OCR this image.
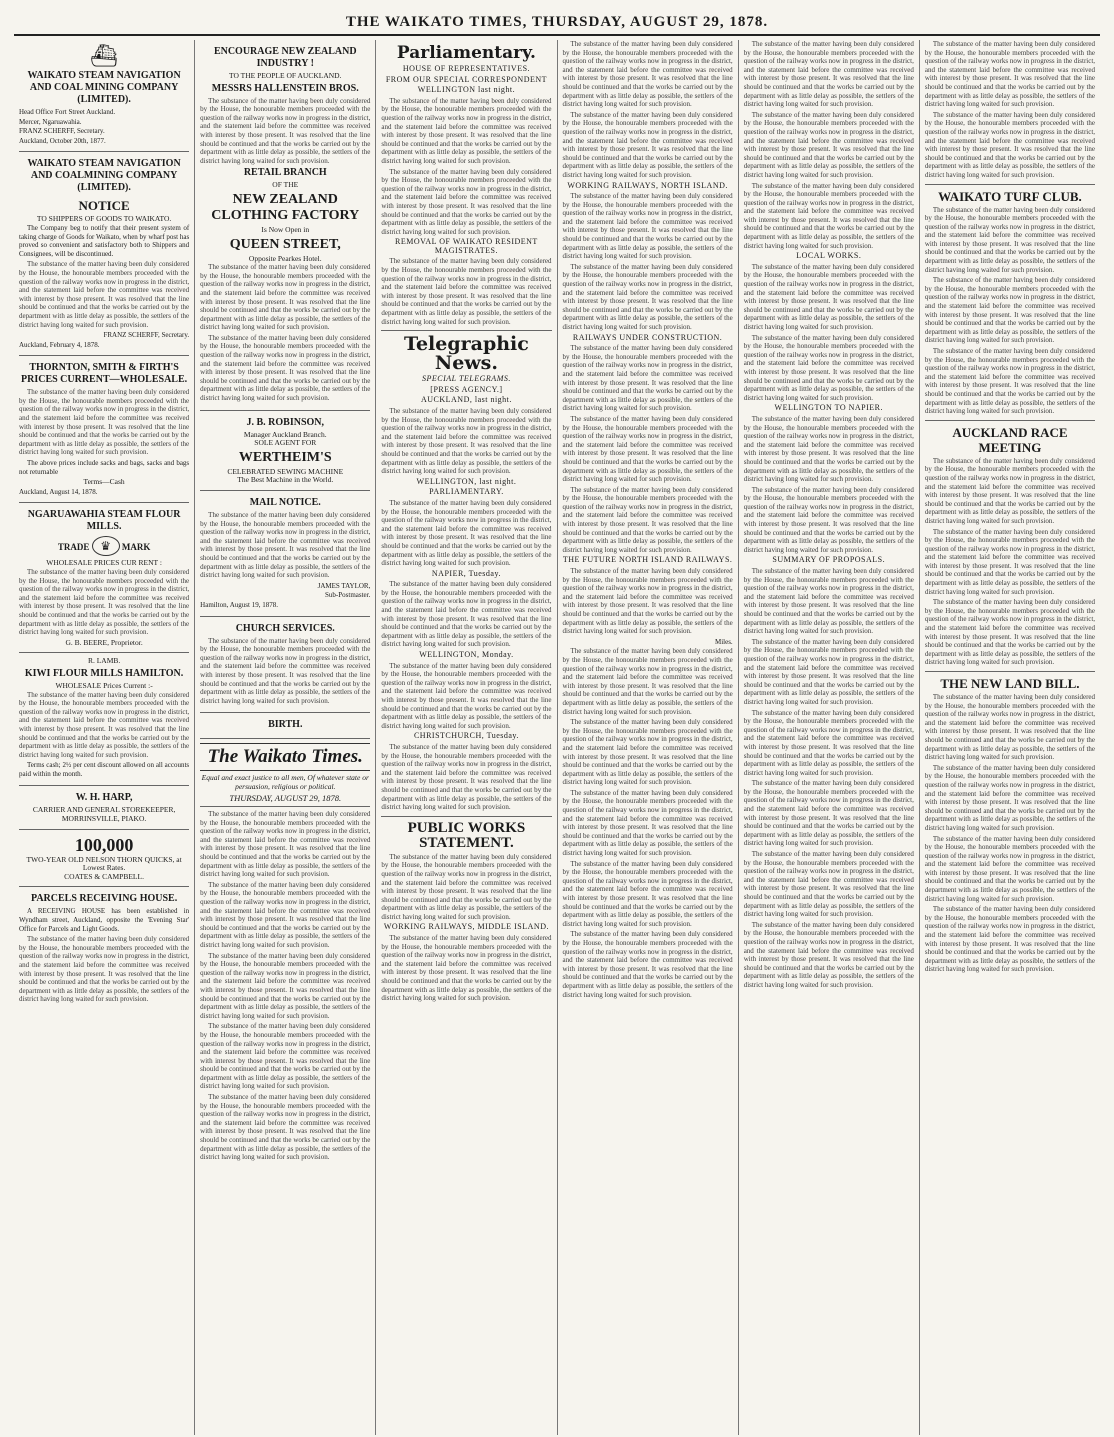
THE WAIKATO TIMES, THURSDAY, AUGUST 29, 1878.
⛴
WAIKATO STEAM NAVIGATION AND COAL MINING COMPANY (LIMITED).
Head Office Fort Street Auckland.
Mercer, Ngaruawahia.
FRANZ SCHERFF, Secretary.
Auckland, October 20th, 1877.
WAIKATO STEAM NAVIGATION AND COALMINING COMPANY (LIMITED).
NOTICE
TO SHIPPERS OF GOODS TO WAIKATO.
The Company beg to notify that their present system of taking charge of Goods for Waikato, when by wharf post has proved so convenient and satisfactory both to Shippers and Consignees, will be discontinued.
The substance of the matter having been duly considered by the House, the honourable members proceeded with the question of the railway works now in progress in the district, and the statement laid before the committee was received with interest by those present. It was resolved that the line should be continued and that the works be carried out by the department with as little delay as possible, the settlers of the district having long waited for such provision.
FRANZ SCHERFF, Secretary.
Auckland, February 4, 1878.
THORNTON, SMITH & FIRTH'S PRICES CURRENT—WHOLESALE.
The substance of the matter having been duly considered by the House, the honourable members proceeded with the question of the railway works now in progress in the district, and the statement laid before the committee was received with interest by those present. It was resolved that the line should be continued and that the works be carried out by the department with as little delay as possible, the settlers of the district having long waited for such provision.
The above prices include sacks and bags, sacks and bags not returnable
Terms—Cash
Auckland, August 14, 1878.
NGARUAWAHIA STEAM FLOUR MILLS.
TRADE ♛ MARK
WHOLESALE PRICES CUR RENT :
The substance of the matter having been duly considered by the House, the honourable members proceeded with the question of the railway works now in progress in the district, and the statement laid before the committee was received with interest by those present. It was resolved that the line should be continued and that the works be carried out by the department with as little delay as possible, the settlers of the district having long waited for such provision.
G. B. BEERE, Proprietor.
R. LAMB.
KIWI FLOUR MILLS HAMILTON.
WHOLESALE Prices Current :-
The substance of the matter having been duly considered by the House, the honourable members proceeded with the question of the railway works now in progress in the district, and the statement laid before the committee was received with interest by those present. It was resolved that the line should be continued and that the works be carried out by the department with as little delay as possible, the settlers of the district having long waited for such provision.
Terms cash; 2½ per cent discount allowed on all accounts paid within the month.
W. H. HARP,
CARRIER AND GENERAL STOREKEEPER,
MORRINSVILLE, PIAKO.
100,000
TWO-YEAR OLD NELSON THORN QUICKS, at Lowest Rates.
COATES & CAMPBELL.
PARCELS RECEIVING HOUSE.
A RECEIVING HOUSE has been established in Wyndham street, Auckland, opposite the 'Evening Star' Office for Parcels and Light Goods.
The substance of the matter having been duly considered by the House, the honourable members proceeded with the question of the railway works now in progress in the district, and the statement laid before the committee was received with interest by those present. It was resolved that the line should be continued and that the works be carried out by the department with as little delay as possible, the settlers of the district having long waited for such provision.
ENCOURAGE NEW ZEALAND INDUSTRY !
TO THE PEOPLE OF AUCKLAND.
MESSRS HALLENSTEIN BROS.
The substance of the matter having been duly considered by the House, the honourable members proceeded with the question of the railway works now in progress in the district, and the statement laid before the committee was received with interest by those present. It was resolved that the line should be continued and that the works be carried out by the department with as little delay as possible, the settlers of the district having long waited for such provision.
RETAIL BRANCH
OF THE
NEW ZEALAND CLOTHING FACTORY
Is Now Open in
QUEEN STREET,
Opposite Pearkes Hotel.
The substance of the matter having been duly considered by the House, the honourable members proceeded with the question of the railway works now in progress in the district, and the statement laid before the committee was received with interest by those present. It was resolved that the line should be continued and that the works be carried out by the department with as little delay as possible, the settlers of the district having long waited for such provision.
The substance of the matter having been duly considered by the House, the honourable members proceeded with the question of the railway works now in progress in the district, and the statement laid before the committee was received with interest by those present. It was resolved that the line should be continued and that the works be carried out by the department with as little delay as possible, the settlers of the district having long waited for such provision.
J. B. ROBINSON,
Manager Auckland Branch.
SOLE AGENT FOR
WERTHEIM'S
CELEBRATED SEWING MACHINE
The Best Machine in the World.
MAIL NOTICE.
The substance of the matter having been duly considered by the House, the honourable members proceeded with the question of the railway works now in progress in the district, and the statement laid before the committee was received with interest by those present. It was resolved that the line should be continued and that the works be carried out by the department with as little delay as possible, the settlers of the district having long waited for such provision.
JAMES TAYLOR,
Sub-Postmaster.
Hamilton, August 19, 1878.
CHURCH SERVICES.
The substance of the matter having been duly considered by the House, the honourable members proceeded with the question of the railway works now in progress in the district, and the statement laid before the committee was received with interest by those present. It was resolved that the line should be continued and that the works be carried out by the department with as little delay as possible, the settlers of the district having long waited for such provision.
BIRTH.
The Waikato Times.
Equal and exact justice to all men, Of whatever state or persuasion, religious or political.
THURSDAY, AUGUST 29, 1878.
The substance of the matter having been duly considered by the House, the honourable members proceeded with the question of the railway works now in progress in the district, and the statement laid before the committee was received with interest by those present. It was resolved that the line should be continued and that the works be carried out by the department with as little delay as possible, the settlers of the district having long waited for such provision.
The substance of the matter having been duly considered by the House, the honourable members proceeded with the question of the railway works now in progress in the district, and the statement laid before the committee was received with interest by those present. It was resolved that the line should be continued and that the works be carried out by the department with as little delay as possible, the settlers of the district having long waited for such provision.
The substance of the matter having been duly considered by the House, the honourable members proceeded with the question of the railway works now in progress in the district, and the statement laid before the committee was received with interest by those present. It was resolved that the line should be continued and that the works be carried out by the department with as little delay as possible, the settlers of the district having long waited for such provision.
The substance of the matter having been duly considered by the House, the honourable members proceeded with the question of the railway works now in progress in the district, and the statement laid before the committee was received with interest by those present. It was resolved that the line should be continued and that the works be carried out by the department with as little delay as possible, the settlers of the district having long waited for such provision.
The substance of the matter having been duly considered by the House, the honourable members proceeded with the question of the railway works now in progress in the district, and the statement laid before the committee was received with interest by those present. It was resolved that the line should be continued and that the works be carried out by the department with as little delay as possible, the settlers of the district having long waited for such provision.
Parliamentary.
HOUSE OF REPRESENTATIVES.
FROM OUR SPECIAL CORRESPONDENT
WELLINGTON last night.
The substance of the matter having been duly considered by the House, the honourable members proceeded with the question of the railway works now in progress in the district, and the statement laid before the committee was received with interest by those present. It was resolved that the line should be continued and that the works be carried out by the department with as little delay as possible, the settlers of the district having long waited for such provision.
The substance of the matter having been duly considered by the House, the honourable members proceeded with the question of the railway works now in progress in the district, and the statement laid before the committee was received with interest by those present. It was resolved that the line should be continued and that the works be carried out by the department with as little delay as possible, the settlers of the district having long waited for such provision.
REMOVAL OF WAIKATO RESIDENT MAGISTRATES.
The substance of the matter having been duly considered by the House, the honourable members proceeded with the question of the railway works now in progress in the district, and the statement laid before the committee was received with interest by those present. It was resolved that the line should be continued and that the works be carried out by the department with as little delay as possible, the settlers of the district having long waited for such provision.
Telegraphic News.
SPECIAL TELEGRAMS.
[PRESS AGENCY.]
AUCKLAND, last night.
The substance of the matter having been duly considered by the House, the honourable members proceeded with the question of the railway works now in progress in the district, and the statement laid before the committee was received with interest by those present. It was resolved that the line should be continued and that the works be carried out by the department with as little delay as possible, the settlers of the district having long waited for such provision.
WELLINGTON, last night.
PARLIAMENTARY.
The substance of the matter having been duly considered by the House, the honourable members proceeded with the question of the railway works now in progress in the district, and the statement laid before the committee was received with interest by those present. It was resolved that the line should be continued and that the works be carried out by the department with as little delay as possible, the settlers of the district having long waited for such provision.
NAPIER, Tuesday.
The substance of the matter having been duly considered by the House, the honourable members proceeded with the question of the railway works now in progress in the district, and the statement laid before the committee was received with interest by those present. It was resolved that the line should be continued and that the works be carried out by the department with as little delay as possible, the settlers of the district having long waited for such provision.
WELLINGTON, Monday.
The substance of the matter having been duly considered by the House, the honourable members proceeded with the question of the railway works now in progress in the district, and the statement laid before the committee was received with interest by those present. It was resolved that the line should be continued and that the works be carried out by the department with as little delay as possible, the settlers of the district having long waited for such provision.
CHRISTCHURCH, Tuesday.
The substance of the matter having been duly considered by the House, the honourable members proceeded with the question of the railway works now in progress in the district, and the statement laid before the committee was received with interest by those present. It was resolved that the line should be continued and that the works be carried out by the department with as little delay as possible, the settlers of the district having long waited for such provision.
PUBLIC WORKS STATEMENT.
The substance of the matter having been duly considered by the House, the honourable members proceeded with the question of the railway works now in progress in the district, and the statement laid before the committee was received with interest by those present. It was resolved that the line should be continued and that the works be carried out by the department with as little delay as possible, the settlers of the district having long waited for such provision.
WORKING RAILWAYS, MIDDLE ISLAND.
The substance of the matter having been duly considered by the House, the honourable members proceeded with the question of the railway works now in progress in the district, and the statement laid before the committee was received with interest by those present. It was resolved that the line should be continued and that the works be carried out by the department with as little delay as possible, the settlers of the district having long waited for such provision.
The substance of the matter having been duly considered by the House, the honourable members proceeded with the question of the railway works now in progress in the district, and the statement laid before the committee was received with interest by those present. It was resolved that the line should be continued and that the works be carried out by the department with as little delay as possible, the settlers of the district having long waited for such provision.
The substance of the matter having been duly considered by the House, the honourable members proceeded with the question of the railway works now in progress in the district, and the statement laid before the committee was received with interest by those present. It was resolved that the line should be continued and that the works be carried out by the department with as little delay as possible, the settlers of the district having long waited for such provision.
WORKING RAILWAYS, NORTH ISLAND.
The substance of the matter having been duly considered by the House, the honourable members proceeded with the question of the railway works now in progress in the district, and the statement laid before the committee was received with interest by those present. It was resolved that the line should be continued and that the works be carried out by the department with as little delay as possible, the settlers of the district having long waited for such provision.
The substance of the matter having been duly considered by the House, the honourable members proceeded with the question of the railway works now in progress in the district, and the statement laid before the committee was received with interest by those present. It was resolved that the line should be continued and that the works be carried out by the department with as little delay as possible, the settlers of the district having long waited for such provision.
RAILWAYS UNDER CONSTRUCTION.
The substance of the matter having been duly considered by the House, the honourable members proceeded with the question of the railway works now in progress in the district, and the statement laid before the committee was received with interest by those present. It was resolved that the line should be continued and that the works be carried out by the department with as little delay as possible, the settlers of the district having long waited for such provision.
The substance of the matter having been duly considered by the House, the honourable members proceeded with the question of the railway works now in progress in the district, and the statement laid before the committee was received with interest by those present. It was resolved that the line should be continued and that the works be carried out by the department with as little delay as possible, the settlers of the district having long waited for such provision.
The substance of the matter having been duly considered by the House, the honourable members proceeded with the question of the railway works now in progress in the district, and the statement laid before the committee was received with interest by those present. It was resolved that the line should be continued and that the works be carried out by the department with as little delay as possible, the settlers of the district having long waited for such provision.
THE FUTURE NORTH ISLAND RAILWAYS.
The substance of the matter having been duly considered by the House, the honourable members proceeded with the question of the railway works now in progress in the district, and the statement laid before the committee was received with interest by those present. It was resolved that the line should be continued and that the works be carried out by the department with as little delay as possible, the settlers of the district having long waited for such provision.
Miles.
The substance of the matter having been duly considered by the House, the honourable members proceeded with the question of the railway works now in progress in the district, and the statement laid before the committee was received with interest by those present. It was resolved that the line should be continued and that the works be carried out by the department with as little delay as possible, the settlers of the district having long waited for such provision.
The substance of the matter having been duly considered by the House, the honourable members proceeded with the question of the railway works now in progress in the district, and the statement laid before the committee was received with interest by those present. It was resolved that the line should be continued and that the works be carried out by the department with as little delay as possible, the settlers of the district having long waited for such provision.
The substance of the matter having been duly considered by the House, the honourable members proceeded with the question of the railway works now in progress in the district, and the statement laid before the committee was received with interest by those present. It was resolved that the line should be continued and that the works be carried out by the department with as little delay as possible, the settlers of the district having long waited for such provision.
The substance of the matter having been duly considered by the House, the honourable members proceeded with the question of the railway works now in progress in the district, and the statement laid before the committee was received with interest by those present. It was resolved that the line should be continued and that the works be carried out by the department with as little delay as possible, the settlers of the district having long waited for such provision.
The substance of the matter having been duly considered by the House, the honourable members proceeded with the question of the railway works now in progress in the district, and the statement laid before the committee was received with interest by those present. It was resolved that the line should be continued and that the works be carried out by the department with as little delay as possible, the settlers of the district having long waited for such provision.
The substance of the matter having been duly considered by the House, the honourable members proceeded with the question of the railway works now in progress in the district, and the statement laid before the committee was received with interest by those present. It was resolved that the line should be continued and that the works be carried out by the department with as little delay as possible, the settlers of the district having long waited for such provision.
The substance of the matter having been duly considered by the House, the honourable members proceeded with the question of the railway works now in progress in the district, and the statement laid before the committee was received with interest by those present. It was resolved that the line should be continued and that the works be carried out by the department with as little delay as possible, the settlers of the district having long waited for such provision.
The substance of the matter having been duly considered by the House, the honourable members proceeded with the question of the railway works now in progress in the district, and the statement laid before the committee was received with interest by those present. It was resolved that the line should be continued and that the works be carried out by the department with as little delay as possible, the settlers of the district having long waited for such provision.
LOCAL WORKS.
The substance of the matter having been duly considered by the House, the honourable members proceeded with the question of the railway works now in progress in the district, and the statement laid before the committee was received with interest by those present. It was resolved that the line should be continued and that the works be carried out by the department with as little delay as possible, the settlers of the district having long waited for such provision.
The substance of the matter having been duly considered by the House, the honourable members proceeded with the question of the railway works now in progress in the district, and the statement laid before the committee was received with interest by those present. It was resolved that the line should be continued and that the works be carried out by the department with as little delay as possible, the settlers of the district having long waited for such provision.
WELLINGTON TO NAPIER.
The substance of the matter having been duly considered by the House, the honourable members proceeded with the question of the railway works now in progress in the district, and the statement laid before the committee was received with interest by those present. It was resolved that the line should be continued and that the works be carried out by the department with as little delay as possible, the settlers of the district having long waited for such provision.
The substance of the matter having been duly considered by the House, the honourable members proceeded with the question of the railway works now in progress in the district, and the statement laid before the committee was received with interest by those present. It was resolved that the line should be continued and that the works be carried out by the department with as little delay as possible, the settlers of the district having long waited for such provision.
SUMMARY OF PROPOSALS.
The substance of the matter having been duly considered by the House, the honourable members proceeded with the question of the railway works now in progress in the district, and the statement laid before the committee was received with interest by those present. It was resolved that the line should be continued and that the works be carried out by the department with as little delay as possible, the settlers of the district having long waited for such provision.
The substance of the matter having been duly considered by the House, the honourable members proceeded with the question of the railway works now in progress in the district, and the statement laid before the committee was received with interest by those present. It was resolved that the line should be continued and that the works be carried out by the department with as little delay as possible, the settlers of the district having long waited for such provision.
The substance of the matter having been duly considered by the House, the honourable members proceeded with the question of the railway works now in progress in the district, and the statement laid before the committee was received with interest by those present. It was resolved that the line should be continued and that the works be carried out by the department with as little delay as possible, the settlers of the district having long waited for such provision.
The substance of the matter having been duly considered by the House, the honourable members proceeded with the question of the railway works now in progress in the district, and the statement laid before the committee was received with interest by those present. It was resolved that the line should be continued and that the works be carried out by the department with as little delay as possible, the settlers of the district having long waited for such provision.
The substance of the matter having been duly considered by the House, the honourable members proceeded with the question of the railway works now in progress in the district, and the statement laid before the committee was received with interest by those present. It was resolved that the line should be continued and that the works be carried out by the department with as little delay as possible, the settlers of the district having long waited for such provision.
The substance of the matter having been duly considered by the House, the honourable members proceeded with the question of the railway works now in progress in the district, and the statement laid before the committee was received with interest by those present. It was resolved that the line should be continued and that the works be carried out by the department with as little delay as possible, the settlers of the district having long waited for such provision.
The substance of the matter having been duly considered by the House, the honourable members proceeded with the question of the railway works now in progress in the district, and the statement laid before the committee was received with interest by those present. It was resolved that the line should be continued and that the works be carried out by the department with as little delay as possible, the settlers of the district having long waited for such provision.
The substance of the matter having been duly considered by the House, the honourable members proceeded with the question of the railway works now in progress in the district, and the statement laid before the committee was received with interest by those present. It was resolved that the line should be continued and that the works be carried out by the department with as little delay as possible, the settlers of the district having long waited for such provision.
WAIKATO TURF CLUB.
The substance of the matter having been duly considered by the House, the honourable members proceeded with the question of the railway works now in progress in the district, and the statement laid before the committee was received with interest by those present. It was resolved that the line should be continued and that the works be carried out by the department with as little delay as possible, the settlers of the district having long waited for such provision.
The substance of the matter having been duly considered by the House, the honourable members proceeded with the question of the railway works now in progress in the district, and the statement laid before the committee was received with interest by those present. It was resolved that the line should be continued and that the works be carried out by the department with as little delay as possible, the settlers of the district having long waited for such provision.
The substance of the matter having been duly considered by the House, the honourable members proceeded with the question of the railway works now in progress in the district, and the statement laid before the committee was received with interest by those present. It was resolved that the line should be continued and that the works be carried out by the department with as little delay as possible, the settlers of the district having long waited for such provision.
AUCKLAND RACE MEETING
The substance of the matter having been duly considered by the House, the honourable members proceeded with the question of the railway works now in progress in the district, and the statement laid before the committee was received with interest by those present. It was resolved that the line should be continued and that the works be carried out by the department with as little delay as possible, the settlers of the district having long waited for such provision.
The substance of the matter having been duly considered by the House, the honourable members proceeded with the question of the railway works now in progress in the district, and the statement laid before the committee was received with interest by those present. It was resolved that the line should be continued and that the works be carried out by the department with as little delay as possible, the settlers of the district having long waited for such provision.
The substance of the matter having been duly considered by the House, the honourable members proceeded with the question of the railway works now in progress in the district, and the statement laid before the committee was received with interest by those present. It was resolved that the line should be continued and that the works be carried out by the department with as little delay as possible, the settlers of the district having long waited for such provision.
THE NEW LAND BILL.
The substance of the matter having been duly considered by the House, the honourable members proceeded with the question of the railway works now in progress in the district, and the statement laid before the committee was received with interest by those present. It was resolved that the line should be continued and that the works be carried out by the department with as little delay as possible, the settlers of the district having long waited for such provision.
The substance of the matter having been duly considered by the House, the honourable members proceeded with the question of the railway works now in progress in the district, and the statement laid before the committee was received with interest by those present. It was resolved that the line should be continued and that the works be carried out by the department with as little delay as possible, the settlers of the district having long waited for such provision.
The substance of the matter having been duly considered by the House, the honourable members proceeded with the question of the railway works now in progress in the district, and the statement laid before the committee was received with interest by those present. It was resolved that the line should be continued and that the works be carried out by the department with as little delay as possible, the settlers of the district having long waited for such provision.
The substance of the matter having been duly considered by the House, the honourable members proceeded with the question of the railway works now in progress in the district, and the statement laid before the committee was received with interest by those present. It was resolved that the line should be continued and that the works be carried out by the department with as little delay as possible, the settlers of the district having long waited for such provision.
